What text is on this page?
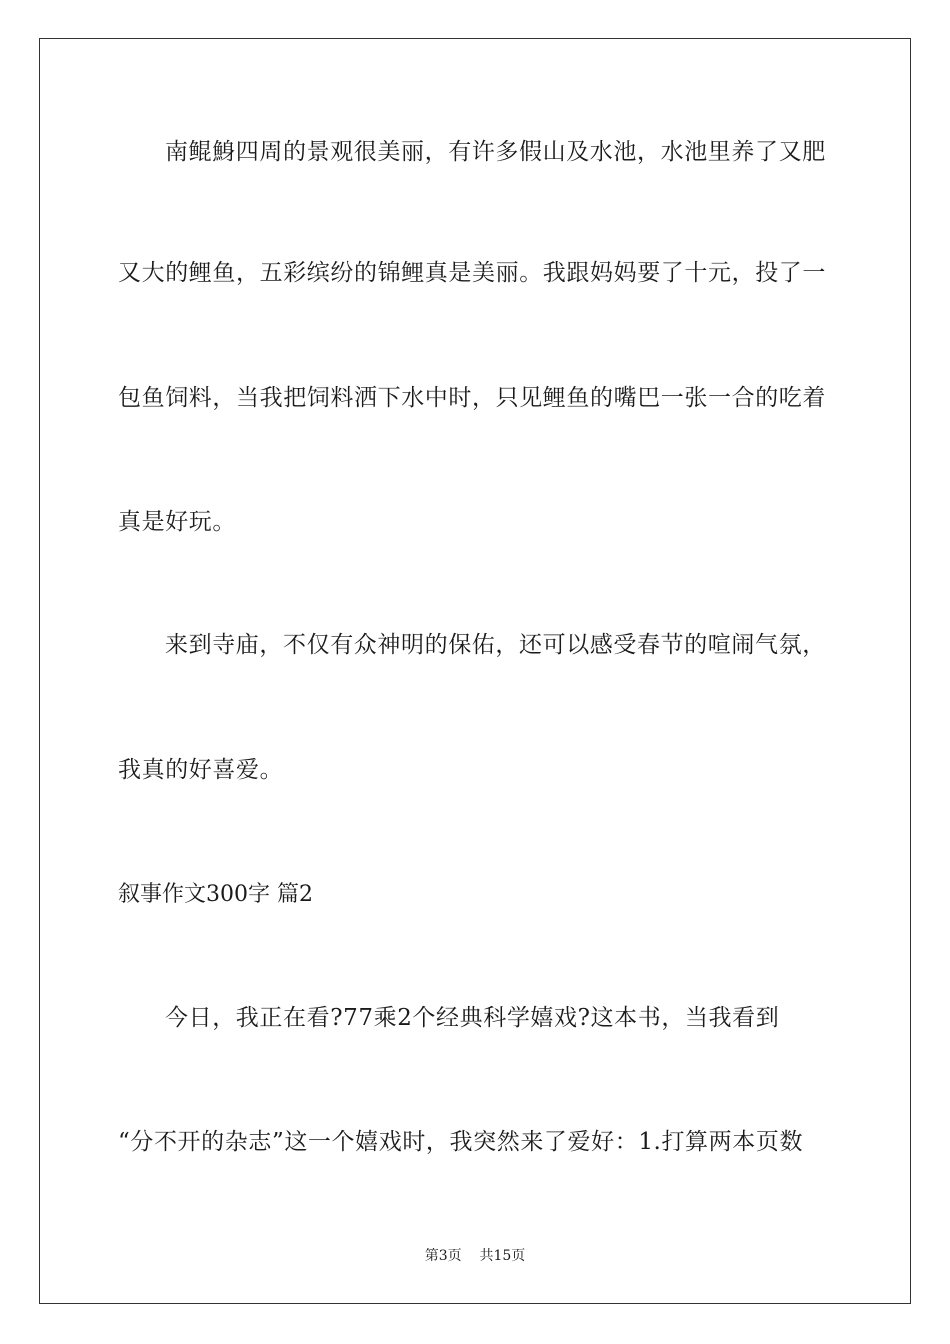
南鲲鯓四周的景观很美丽，有许多假山及水池，水池里养了又肥
又大的鲤鱼，五彩缤纷的锦鲤真是美丽。我跟妈妈要了十元，投了一
包鱼饲料，当我把饲料洒下水中时，只见鲤鱼的嘴巴一张一合的吃着
真是好玩。
来到寺庙，不仅有众神明的保佑，还可以感受春节的喧闹气氛，
我真的好喜爱。
叙事作文300字 篇2
今日，我正在看?77乘2个经典科学嬉戏?这本书，当我看到
“分不开的杂志”这一个嬉戏时，我突然来了爱好：1.打算两本页数
第3页    共15页
